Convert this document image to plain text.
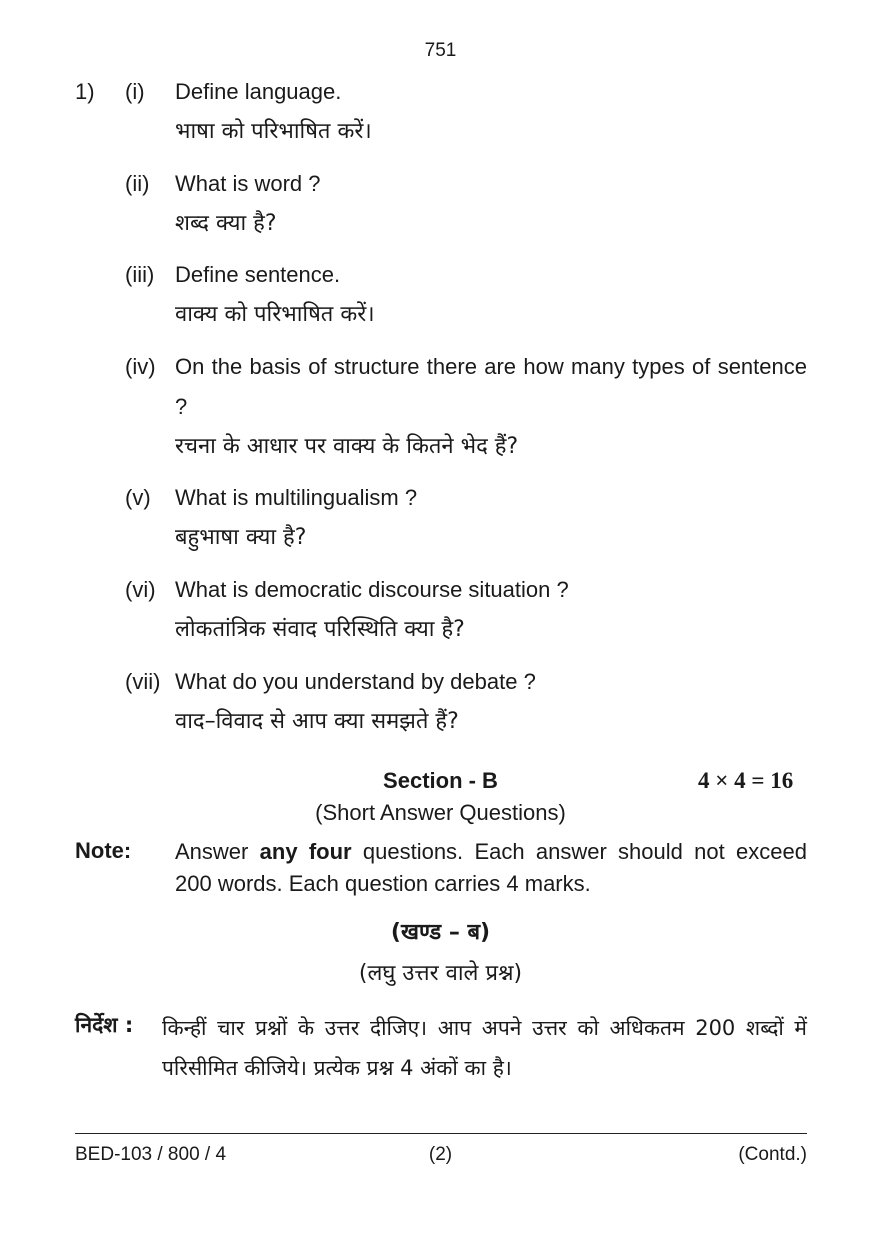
751
1) (i) Define language.
भाषा को परिभाषित करें।
(ii) What is word ?
शब्द क्या है?
(iii) Define sentence.
वाक्य को परिभाषित करें।
(iv) On the basis of structure there are how many types of sentence ?
रचना के आधार पर वाक्य के कितने भेद हैं?
(v) What is multilingualism ?
बहुभाषा क्या है?
(vi) What is democratic discourse situation ?
लोकतांत्रिक संवाद परिस्थिति क्या है?
(vii) What do you understand by debate ?
वाद–विवाद से आप क्या समझते हैं?
Section - B	4 × 4 = 16
(Short Answer Questions)
Note: Answer any four questions. Each answer should not exceed 200 words. Each question carries 4 marks.
(खण्ड – ब)
(लघु उत्तर वाले प्रश्न)
निर्देश : किन्हीं चार प्रश्नों के उत्तर दीजिए। आप अपने उत्तर को अधिकतम 200 शब्दों में परिसीमित कीजिये। प्रत्येक प्रश्न 4 अंकों का है।
BED-103 / 800 / 4	(2)	(Contd.)
